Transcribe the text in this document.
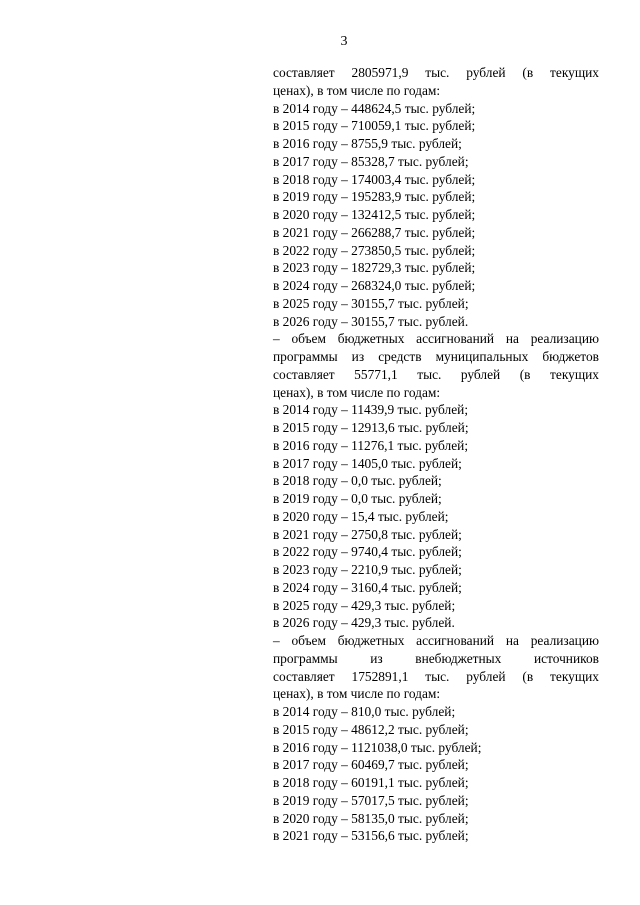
3
составляет 2805971,9 тыс. рублей (в текущих
ценах), в том числе по годам:
в 2014 году – 448624,5 тыс. рублей;
в 2015 году – 710059,1 тыс. рублей;
в 2016 году – 8755,9 тыс. рублей;
в 2017 году – 85328,7 тыс. рублей;
в 2018 году – 174003,4 тыс. рублей;
в 2019 году – 195283,9 тыс. рублей;
в 2020 году – 132412,5 тыс. рублей;
в 2021 году – 266288,7 тыс. рублей;
в 2022 году – 273850,5 тыс. рублей;
в 2023 году – 182729,3 тыс. рублей;
в 2024 году – 268324,0 тыс. рублей;
в 2025 году – 30155,7 тыс. рублей;
в 2026 году – 30155,7 тыс. рублей.
– объем бюджетных ассигнований на реализацию
программы из средств муниципальных бюджетов
составляет 55771,1 тыс. рублей (в текущих
ценах), в том числе по годам:
в 2014 году – 11439,9 тыс. рублей;
в 2015 году – 12913,6 тыс. рублей;
в 2016 году – 11276,1 тыс. рублей;
в 2017 году – 1405,0 тыс. рублей;
в 2018 году – 0,0 тыс. рублей;
в 2019 году – 0,0 тыс. рублей;
в 2020 году – 15,4 тыс. рублей;
в 2021 году – 2750,8 тыс. рублей;
в 2022 году – 9740,4 тыс. рублей;
в 2023 году – 2210,9 тыс. рублей;
в 2024 году – 3160,4 тыс. рублей;
в 2025 году – 429,3 тыс. рублей;
в 2026 году – 429,3 тыс. рублей.
– объем бюджетных ассигнований на реализацию
программы из внебюджетных источников
составляет 1752891,1 тыс. рублей (в текущих
ценах), в том числе по годам:
в 2014 году – 810,0 тыс. рублей;
в 2015 году – 48612,2 тыс. рублей;
в 2016 году – 1121038,0 тыс. рублей;
в 2017 году – 60469,7 тыс. рублей;
в 2018 году – 60191,1 тыс. рублей;
в 2019 году – 57017,5 тыс. рублей;
в 2020 году – 58135,0 тыс. рублей;
в 2021 году – 53156,6 тыс. рублей;
